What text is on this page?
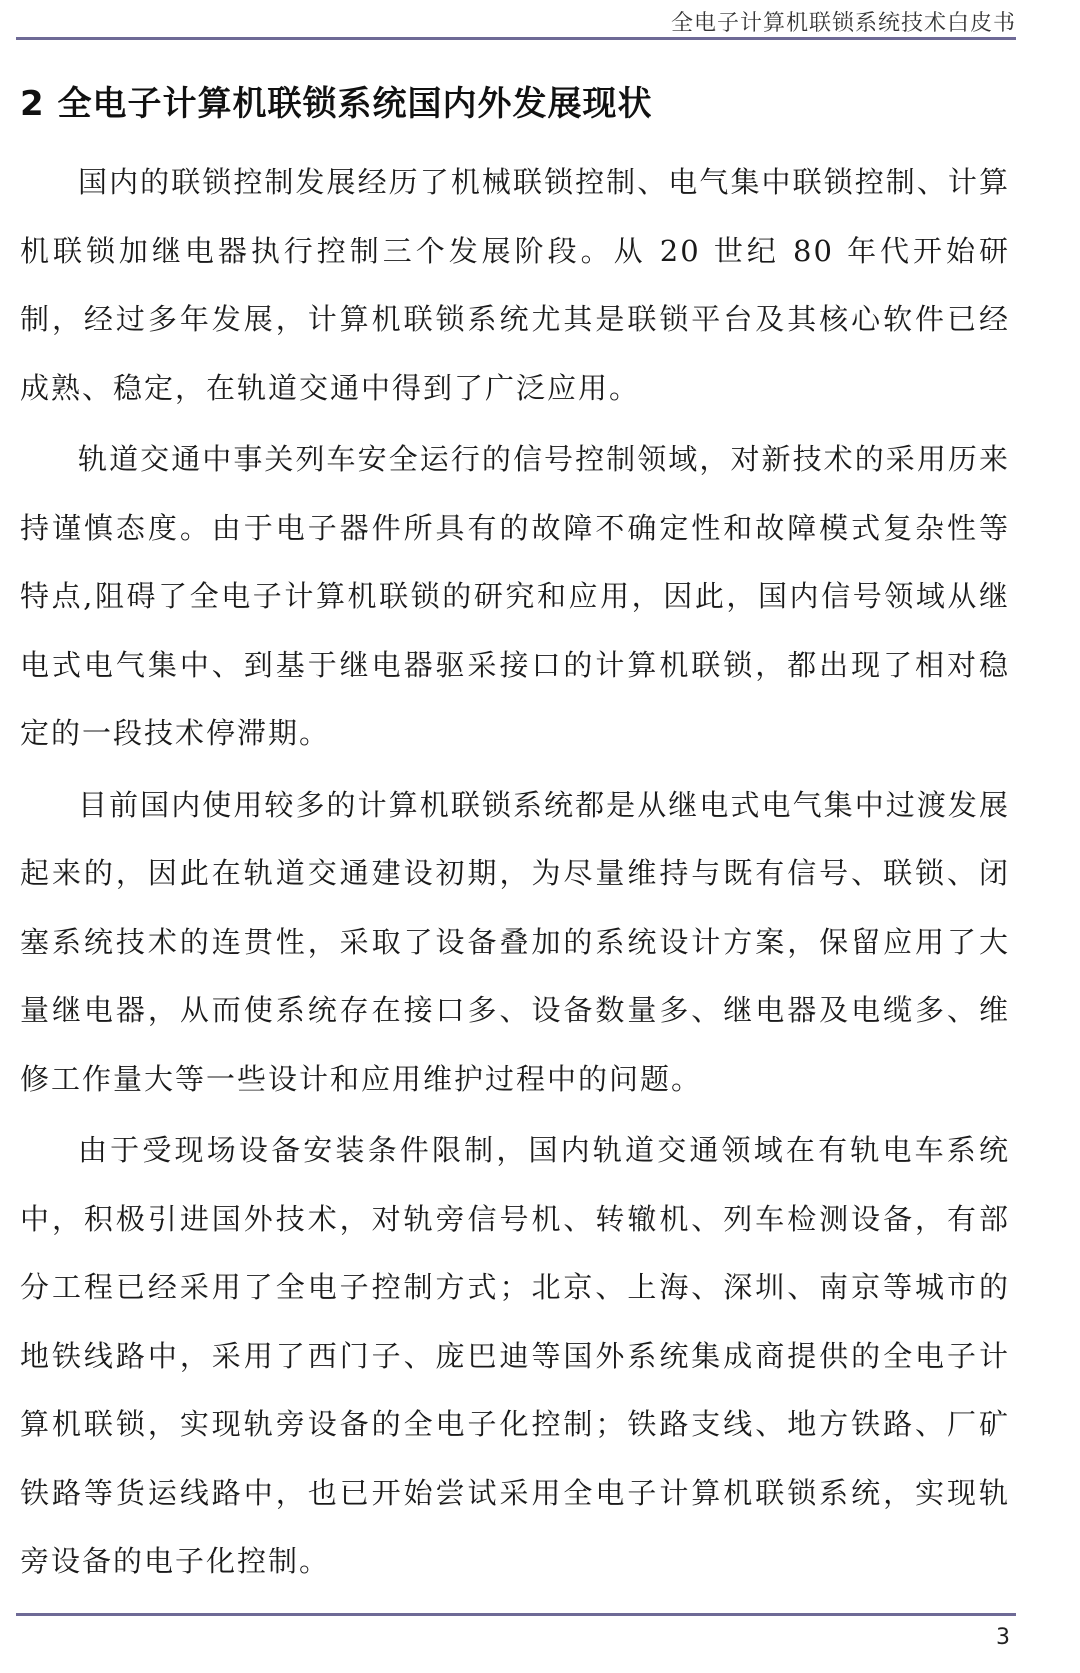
全电子计算机联锁系统技术白皮书
2 全电子计算机联锁系统国内外发展现状

国内的联锁控制发展经历了机械联锁控制、电气集中联锁控制、计算机联锁加继电器执行控制三个发展阶段。从 20 世纪 80 年代开始研制，经过多年发展，计算机联锁系统尤其是联锁平台及其核心软件已经成熟、稳定，在轨道交通中得到了广泛应用。

轨道交通中事关列车安全运行的信号控制领域，对新技术的采用历来持谨慎态度。由于电子器件所具有的故障不确定性和故障模式复杂性等特点,阻碍了全电子计算机联锁的研究和应用，因此，国内信号领域从继电式电气集中、到基于继电器驱采接口的计算机联锁，都出现了相对稳定的一段技术停滞期。

目前国内使用较多的计算机联锁系统都是从继电式电气集中过渡发展起来的，因此在轨道交通建设初期，为尽量维持与既有信号、联锁、闭塞系统技术的连贯性，采取了设备叠加的系统设计方案，保留应用了大量继电器，从而使系统存在接口多、设备数量多、继电器及电缆多、维修工作量大等一些设计和应用维护过程中的问题。

由于受现场设备安装条件限制，国内轨道交通领域在有轨电车系统中，积极引进国外技术，对轨旁信号机、转辙机、列车检测设备，有部分工程已经采用了全电子控制方式；北京、上海、深圳、南京等城市的地铁线路中，采用了西门子、庞巴迪等国外系统集成商提供的全电子计算机联锁，实现轨旁设备的全电子化控制；铁路支线、地方铁路、厂矿铁路等货运线路中，也已开始尝试采用全电子计算机联锁系统，实现轨旁设备的电子化控制。

3
